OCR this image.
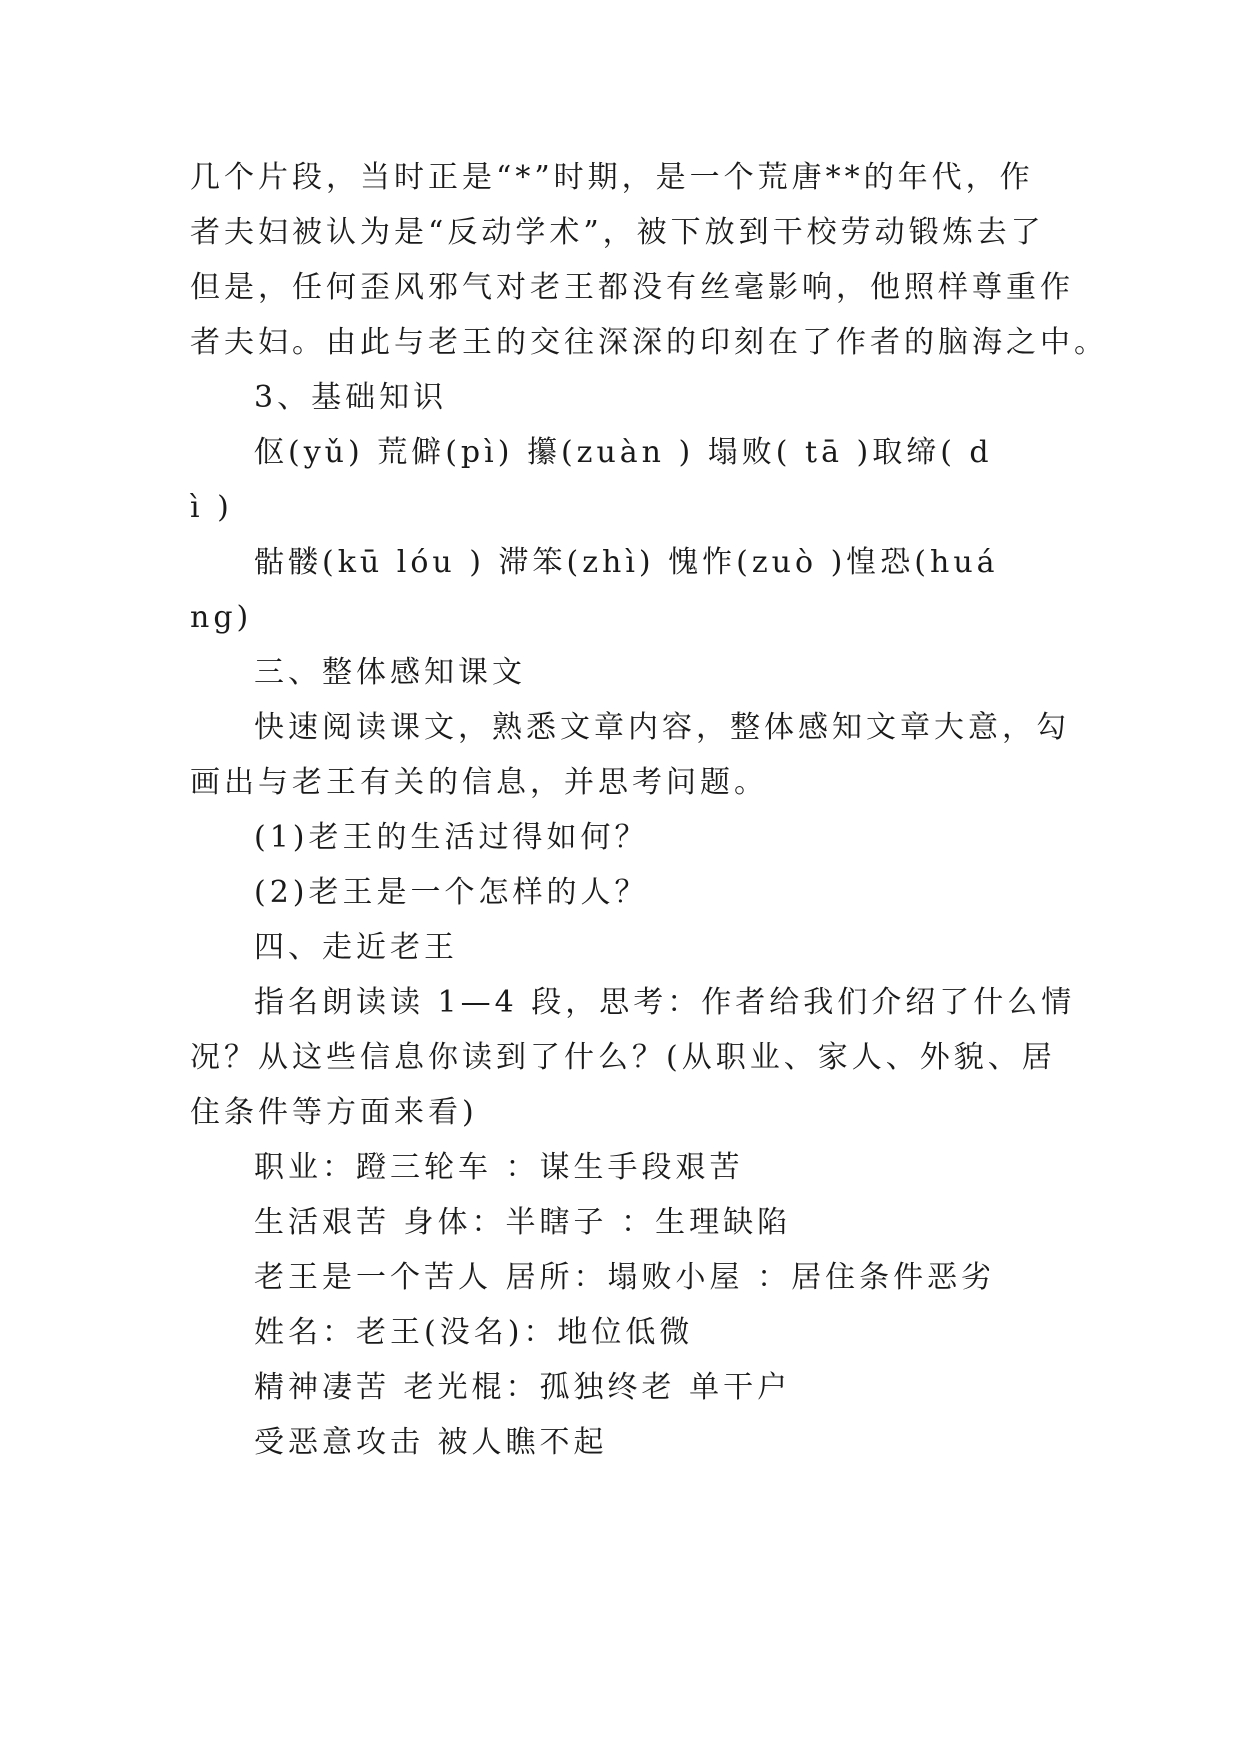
几个片段，当时正是“*”时期，是一个荒唐**的年代，作
者夫妇被认为是“反动学术”，被下放到干校劳动锻炼去了
但是，任何歪风邪气对老王都没有丝毫影响，他照样尊重作
者夫妇。由此与老王的交往深深的印刻在了作者的脑海之中。
3、基础知识
伛(yǔ) 荒僻(pì) 攥(zuàn ) 塌败( tā )取缔( d
ì )
骷髅(kū lóu ) 滞笨(zhì) 愧怍(zuò )惶恐(huá
ng)
三、整体感知课文
快速阅读课文，熟悉文章内容，整体感知文章大意，勾
画出与老王有关的信息，并思考问题。
(1)老王的生活过得如何？
(2)老王是一个怎样的人？
四、走近老王
指名朗读读 1—4 段，思考：作者给我们介绍了什么情
况？从这些信息你读到了什么？(从职业、家人、外貌、居
住条件等方面来看)
职业：蹬三轮车 ：谋生手段艰苦
生活艰苦 身体：半瞎子 ：生理缺陷
老王是一个苦人 居所：塌败小屋 ：居住条件恶劣
姓名：老王(没名)：地位低微
精神凄苦 老光棍：孤独终老 单干户
受恶意攻击 被人瞧不起
